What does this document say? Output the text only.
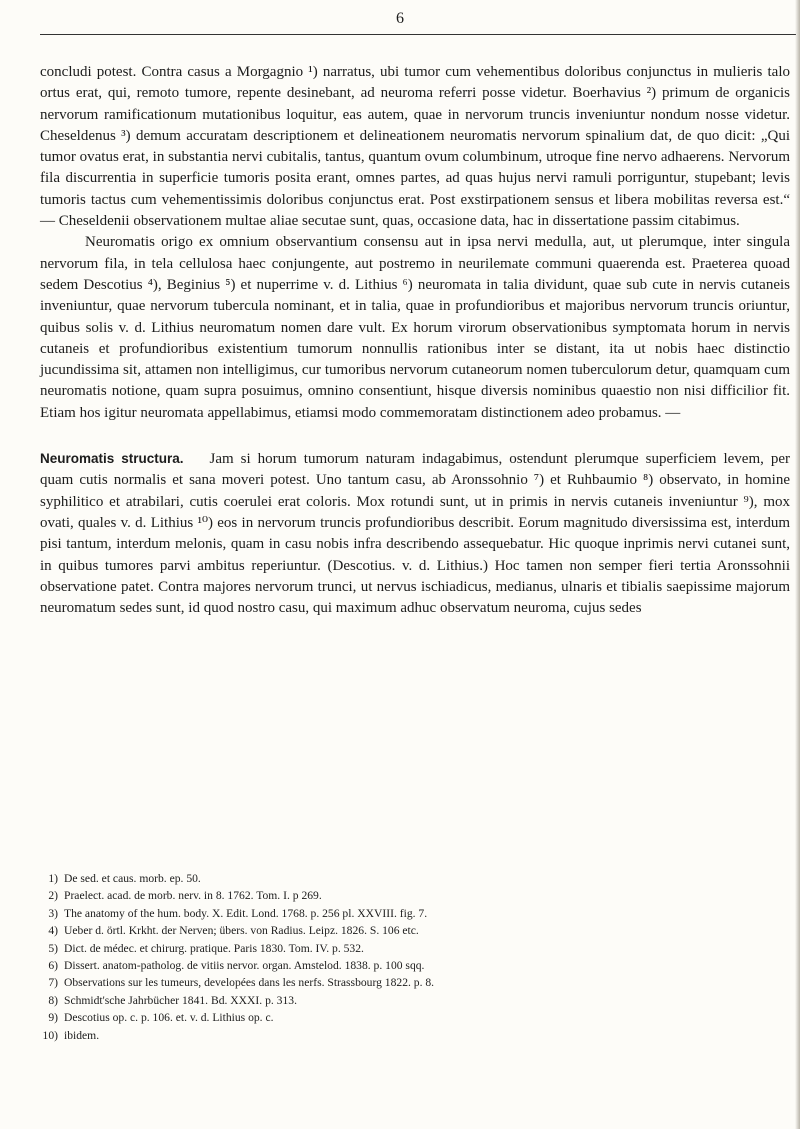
6

concludi potest. Contra casus a Morgagnio ¹) narratus, ubi tumor cum vehementibus doloribus conjunctus in mulieris talo ortus erat, qui, remoto tumore, repente desinebant, ad neuroma referri posse videtur. Boerhavius ²) primum de organicis nervorum ramificationum mutationibus loquitur, eas autem, quae in nervorum truncis inveniuntur nondum nosse videtur. Cheseldenus ³) demum accuratam descriptionem et delineationem neuromatis nervorum spinalium dat, de quo dicit: „Qui tumor ovatus erat, in substantia nervi cubitalis, tantus, quantum ovum columbinum, utroque fine nervo adhaerens. Nervorum fila discurrentia in superficie tumoris posita erant, omnes partes, ad quas hujus nervi ramuli porriguntur, stupebant; levis tumoris tactus cum vehementissimis doloribus conjunctus erat. Post exstirpationem sensus et libera mobilitas reversa est.“ — Cheseldenii observationem multae aliae secutae sunt, quas, occasione data, hac in dissertatione passim citabimus.

Neuromatis origo ex omnium observantium consensu aut in ipsa nervi medulla, aut, ut plerumque, inter singula nervorum fila, in tela cellulosa haec conjungente, aut postremo in neurilemate communi quaerenda est. Praeterea quoad sedem Descotius ⁴), Beginius ⁵) et nuperrime v. d. Lithius ⁶) neuromata in talia dividunt, quae sub cute in nervis cutaneis inveniuntur, quae nervorum tubercula nominant, et in talia, quae in profundioribus et majoribus nervorum truncis oriuntur, quibus solis v. d. Lithius neuromatum nomen dare vult. Ex horum virorum observationibus symptomata horum in nervis cutaneis et profundioribus existentium tumorum nonnullis rationibus inter se distant, ita ut nobis haec distinctio jucundissima sit, attamen non intelligimus, cur tumoribus nervorum cutaneorum nomen tuberculorum detur, quamquam cum neuromatis notione, quam supra posuimus, omnino consentiunt, hisque diversis nominibus quaestio non nisi difficilior fit. Etiam hos igitur neuromata appellabimus, etiamsi modo commemoratam distinctionem adeo probamus. —

Neuromatis structura. Jam si horum tumorum naturam indagabimus, ostendunt plerumque superficiem levem, per quam cutis normalis et sana moveri potest. Uno tantum casu, ab Aronssohnio ⁷) et Ruhbaumio ⁸) observato, in homine syphilitico et atrabilari, cutis coerulei erat coloris. Mox rotundi sunt, ut in primis in nervis cutaneis inveniuntur ⁹), mox ovati, quales v. d. Lithius ¹⁰) eos in nervorum truncis profundioribus describit. Eorum magnitudo diversissima est, interdum pisi tantum, interdum melonis, quam in casu nobis infra describendo assequebatur. Hic quoque inprimis nervi cutanei sunt, in quibus tumores parvi ambitus reperiuntur. (Descotius. v. d. Lithius.) Hoc tamen non semper fieri tertia Aronssohnii observatione patet. Contra majores nervorum trunci, ut nervus ischiadicus, medianus, ulnaris et tibialis saepissime majorum neuromatum sedes sunt, id quod nostro casu, qui maximum adhuc observatum neuroma, cujus sedes

1) De sed. et caus. morb. ep. 50.
2) Praelect. acad. de morb. nerv. in 8. 1762. Tom. I. p 269.
3) The anatomy of the hum. body. X. Edit. Lond. 1768. p. 256 pl. XXVIII. fig. 7.
4) Ueber d. örtl. Krkht. der Nerven; übers. von Radius. Leipz. 1826. S. 106 etc.
5) Dict. de médec. et chirurg. pratique. Paris 1830. Tom. IV. p. 532.
6) Dissert. anatom-patholog. de vitiis nervor. organ. Amstelod. 1838. p. 100 sqq.
7) Observations sur les tumeurs, developées dans les nerfs. Strassbourg 1822. p. 8.
8) Schmidt'sche Jahrbücher 1841. Bd. XXXI. p. 313.
9) Descotius op. c. p. 106. et. v. d. Lithius op. c.
10) ibidem.
